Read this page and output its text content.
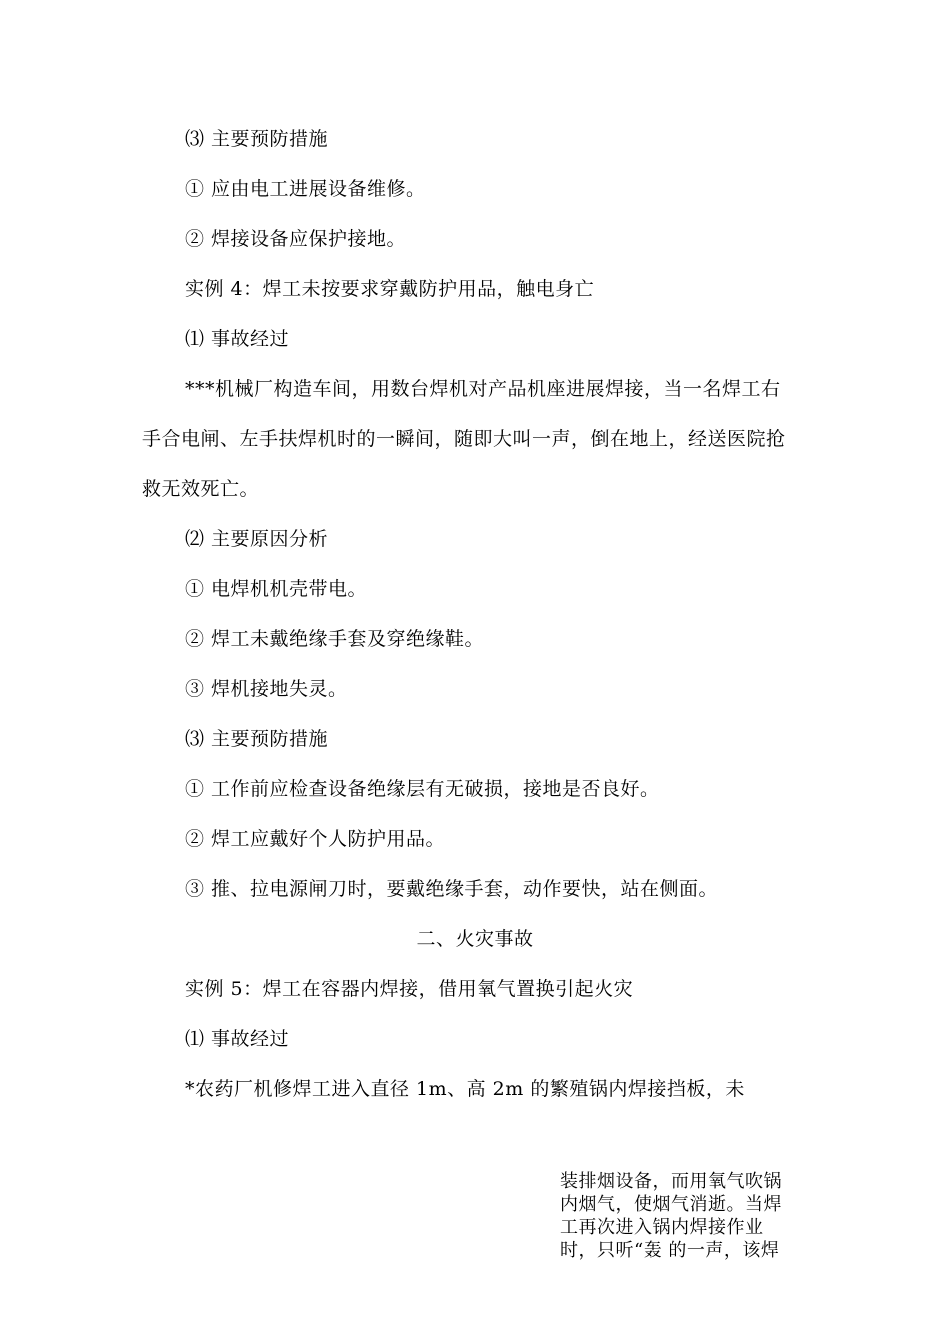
⑶ 主要预防措施
① 应由电工进展设备维修。
② 焊接设备应保护接地。
实例 4：焊工未按要求穿戴防护用品，触电身亡
⑴ 事故经过
***机械厂构造车间，用数台焊机对产品机座进展焊接，当一名焊工右
手合电闸、左手扶焊机时的一瞬间，随即大叫一声，倒在地上，经送医院抢
救无效死亡。
⑵ 主要原因分析
① 电焊机机壳带电。
② 焊工未戴绝缘手套及穿绝缘鞋。
③ 焊机接地失灵。
⑶ 主要预防措施
① 工作前应检查设备绝缘层有无破损，接地是否良好。
② 焊工应戴好个人防护用品。
③ 推、拉电源闸刀时，要戴绝缘手套，动作要快，站在侧面。
二、火灾事故
实例 5：焊工在容器内焊接，借用氧气置换引起火灾
⑴ 事故经过
*农药厂机修焊工进入直径 1m、高 2m 的繁殖锅内焊接挡板，未
装排烟设备，而用氧气吹锅
内烟气，使烟气消逝。当焊
工再次进入锅内焊接作业
时，只听“轰 的一声，该焊
